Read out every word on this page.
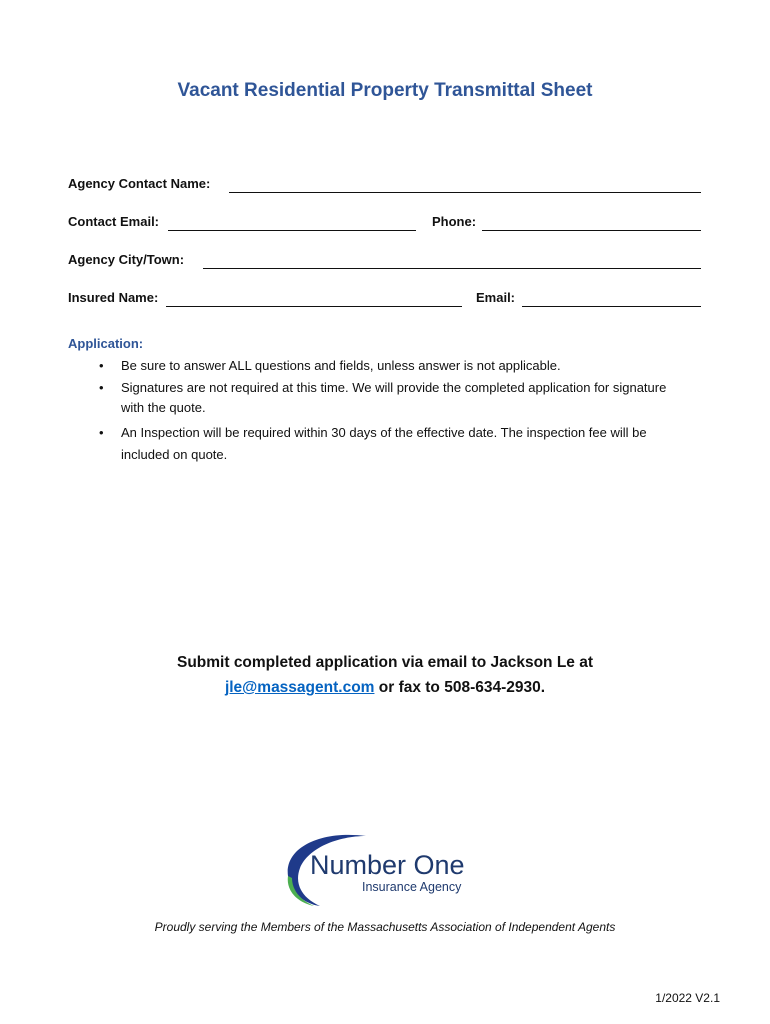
Vacant Residential Property Transmittal Sheet
Agency Contact Name:
Contact Email:	Phone:
Agency City/Town:
Insured Name:	Email:
Application:
• Be sure to answer ALL questions and fields, unless answer is not applicable.
• Signatures are not required at this time. We will provide the completed application for signature with the quote.
• An Inspection will be required within 30 days of the effective date. The inspection fee will be included on quote.
Submit completed application via email to Jackson Le at
jle@massagent.com or fax to 508-634-2930.
Number One
Insurance Agency
Proudly serving the Members of the Massachusetts Association of Independent Agents
1/2022 V2.1
